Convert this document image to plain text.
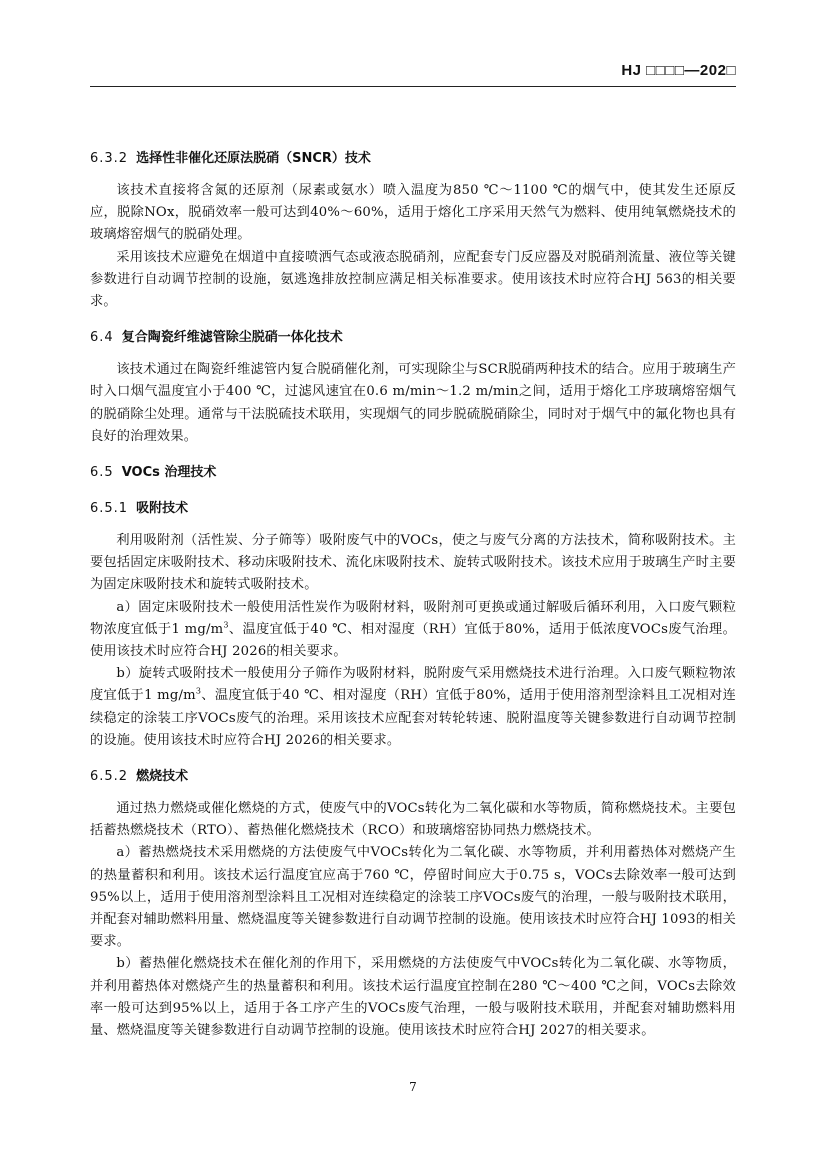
HJ □□□□—202□

6.3.2 选择性非催化还原法脱硝（SNCR）技术

该技术直接将含氮的还原剂（尿素或氨水）喷入温度为850 ℃～1100 ℃的烟气中，使其发生还原反应，脱除NOx，脱硝效率一般可达到40%～60%，适用于熔化工序采用天然气为燃料、使用纯氧燃烧技术的玻璃熔窑烟气的脱硝处理。

采用该技术应避免在烟道中直接喷洒气态或液态脱硝剂，应配套专门反应器及对脱硝剂流量、液位等关键参数进行自动调节控制的设施，氨逃逸排放控制应满足相关标准要求。使用该技术时应符合HJ 563的相关要求。

6.4 复合陶瓷纤维滤管除尘脱硝一体化技术

该技术通过在陶瓷纤维滤管内复合脱硝催化剂，可实现除尘与SCR脱硝两种技术的结合。应用于玻璃生产时入口烟气温度宜小于400 ℃，过滤风速宜在0.6 m/min～1.2 m/min之间，适用于熔化工序玻璃熔窑烟气的脱硝除尘处理。通常与干法脱硫技术联用，实现烟气的同步脱硫脱硝除尘，同时对于烟气中的氟化物也具有良好的治理效果。

6.5 VOCs 治理技术

6.5.1 吸附技术

利用吸附剂（活性炭、分子筛等）吸附废气中的VOCs，使之与废气分离的方法技术，简称吸附技术。主要包括固定床吸附技术、移动床吸附技术、流化床吸附技术、旋转式吸附技术。该技术应用于玻璃生产时主要为固定床吸附技术和旋转式吸附技术。

a）固定床吸附技术一般使用活性炭作为吸附材料，吸附剂可更换或通过解吸后循环利用，入口废气颗粒物浓度宜低于1 $mg/m^3$、温度宜低于40 ℃、相对湿度（RH）宜低于80%，适用于低浓度VOCs废气治理。使用该技术时应符合HJ 2026的相关要求。

b）旋转式吸附技术一般使用分子筛作为吸附材料，脱附废气采用燃烧技术进行治理。入口废气颗粒物浓度宜低于1 $mg/m^3$、温度宜低于40 ℃、相对湿度（RH）宜低于80%，适用于使用溶剂型涂料且工况相对连续稳定的涂装工序VOCs废气的治理。采用该技术应配套对转轮转速、脱附温度等关键参数进行自动调节控制的设施。使用该技术时应符合HJ 2026的相关要求。

6.5.2 燃烧技术

通过热力燃烧或催化燃烧的方式，使废气中的VOCs转化为二氧化碳和水等物质，简称燃烧技术。主要包括蓄热燃烧技术（RTO）、蓄热催化燃烧技术（RCO）和玻璃熔窑协同热力燃烧技术。

a）蓄热燃烧技术采用燃烧的方法使废气中VOCs转化为二氧化碳、水等物质，并利用蓄热体对燃烧产生的热量蓄积和利用。该技术运行温度宜应高于760 ℃，停留时间应大于0.75 s，VOCs去除效率一般可达到95%以上，适用于使用溶剂型涂料且工况相对连续稳定的涂装工序VOCs废气的治理，一般与吸附技术联用，并配套对辅助燃料用量、燃烧温度等关键参数进行自动调节控制的设施。使用该技术时应符合HJ 1093的相关要求。

b）蓄热催化燃烧技术在催化剂的作用下，采用燃烧的方法使废气中VOCs转化为二氧化碳、水等物质，并利用蓄热体对燃烧产生的热量蓄积和利用。该技术运行温度宜控制在280 ℃～400 ℃之间，VOCs去除效率一般可达到95%以上，适用于各工序产生的VOCs废气治理，一般与吸附技术联用，并配套对辅助燃料用量、燃烧温度等关键参数进行自动调节控制的设施。使用该技术时应符合HJ 2027的相关要求。

7
